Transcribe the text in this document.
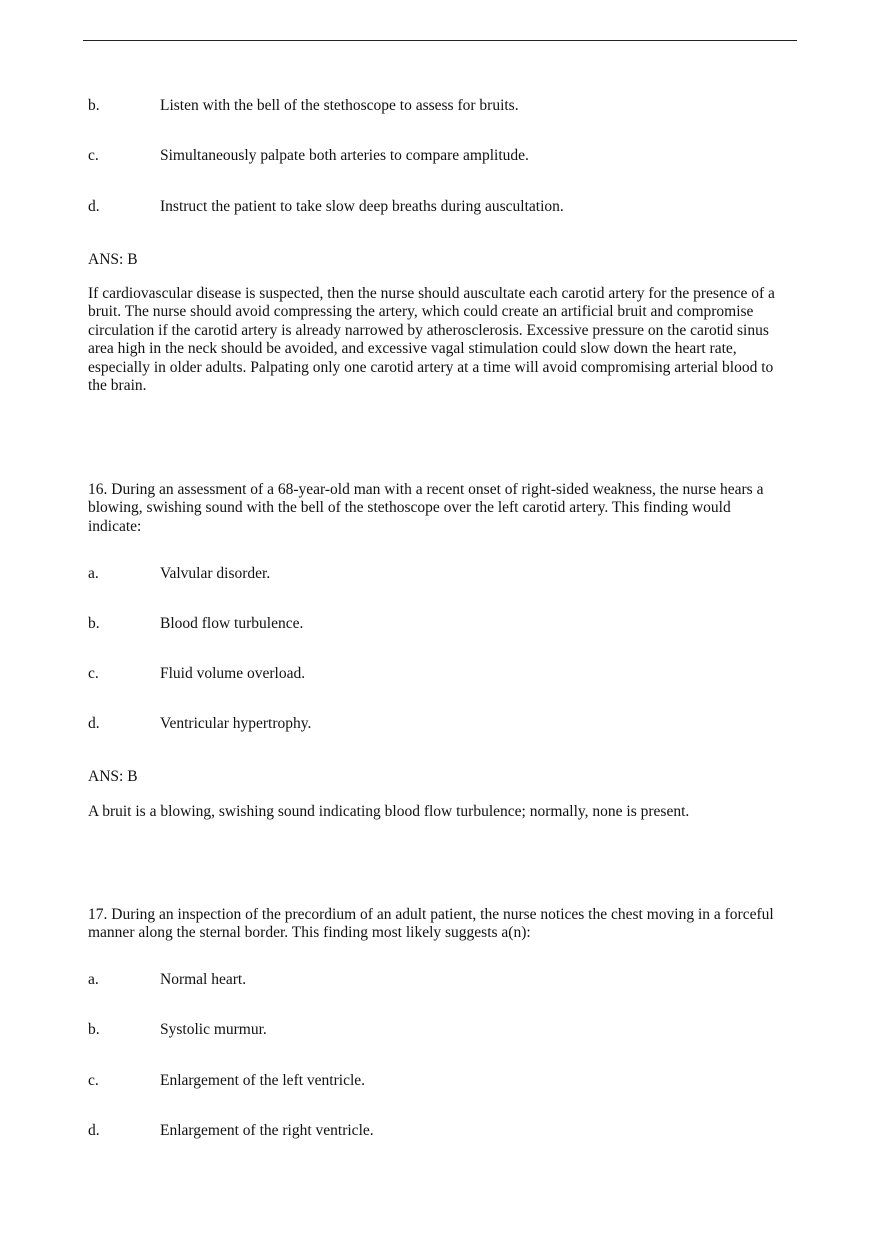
b.	Listen with the bell of the stethoscope to assess for bruits.
c.	Simultaneously palpate both arteries to compare amplitude.
d.	Instruct the patient to take slow deep breaths during auscultation.
ANS: B
If cardiovascular disease is suspected, then the nurse should auscultate each carotid artery for the presence of a
bruit. The nurse should avoid compressing the artery, which could create an artificial bruit and compromise
circulation if the carotid artery is already narrowed by atherosclerosis. Excessive pressure on the carotid sinus
area high in the neck should be avoided, and excessive vagal stimulation could slow down the heart rate,
especially in older adults. Palpating only one carotid artery at a time will avoid compromising arterial blood to
the brain.
16. During an assessment of a 68-year-old man with a recent onset of right-sided weakness, the nurse hears a
blowing, swishing sound with the bell of the stethoscope over the left carotid artery. This finding would
indicate:
a.	Valvular disorder.
b.	Blood flow turbulence.
c.	Fluid volume overload.
d.	Ventricular hypertrophy.
ANS: B
A bruit is a blowing, swishing sound indicating blood flow turbulence; normally, none is present.
17. During an inspection of the precordium of an adult patient, the nurse notices the chest moving in a forceful
manner along the sternal border. This finding most likely suggests a(n):
a.	Normal heart.
b.	Systolic murmur.
c.	Enlargement of the left ventricle.
d.	Enlargement of the right ventricle.
